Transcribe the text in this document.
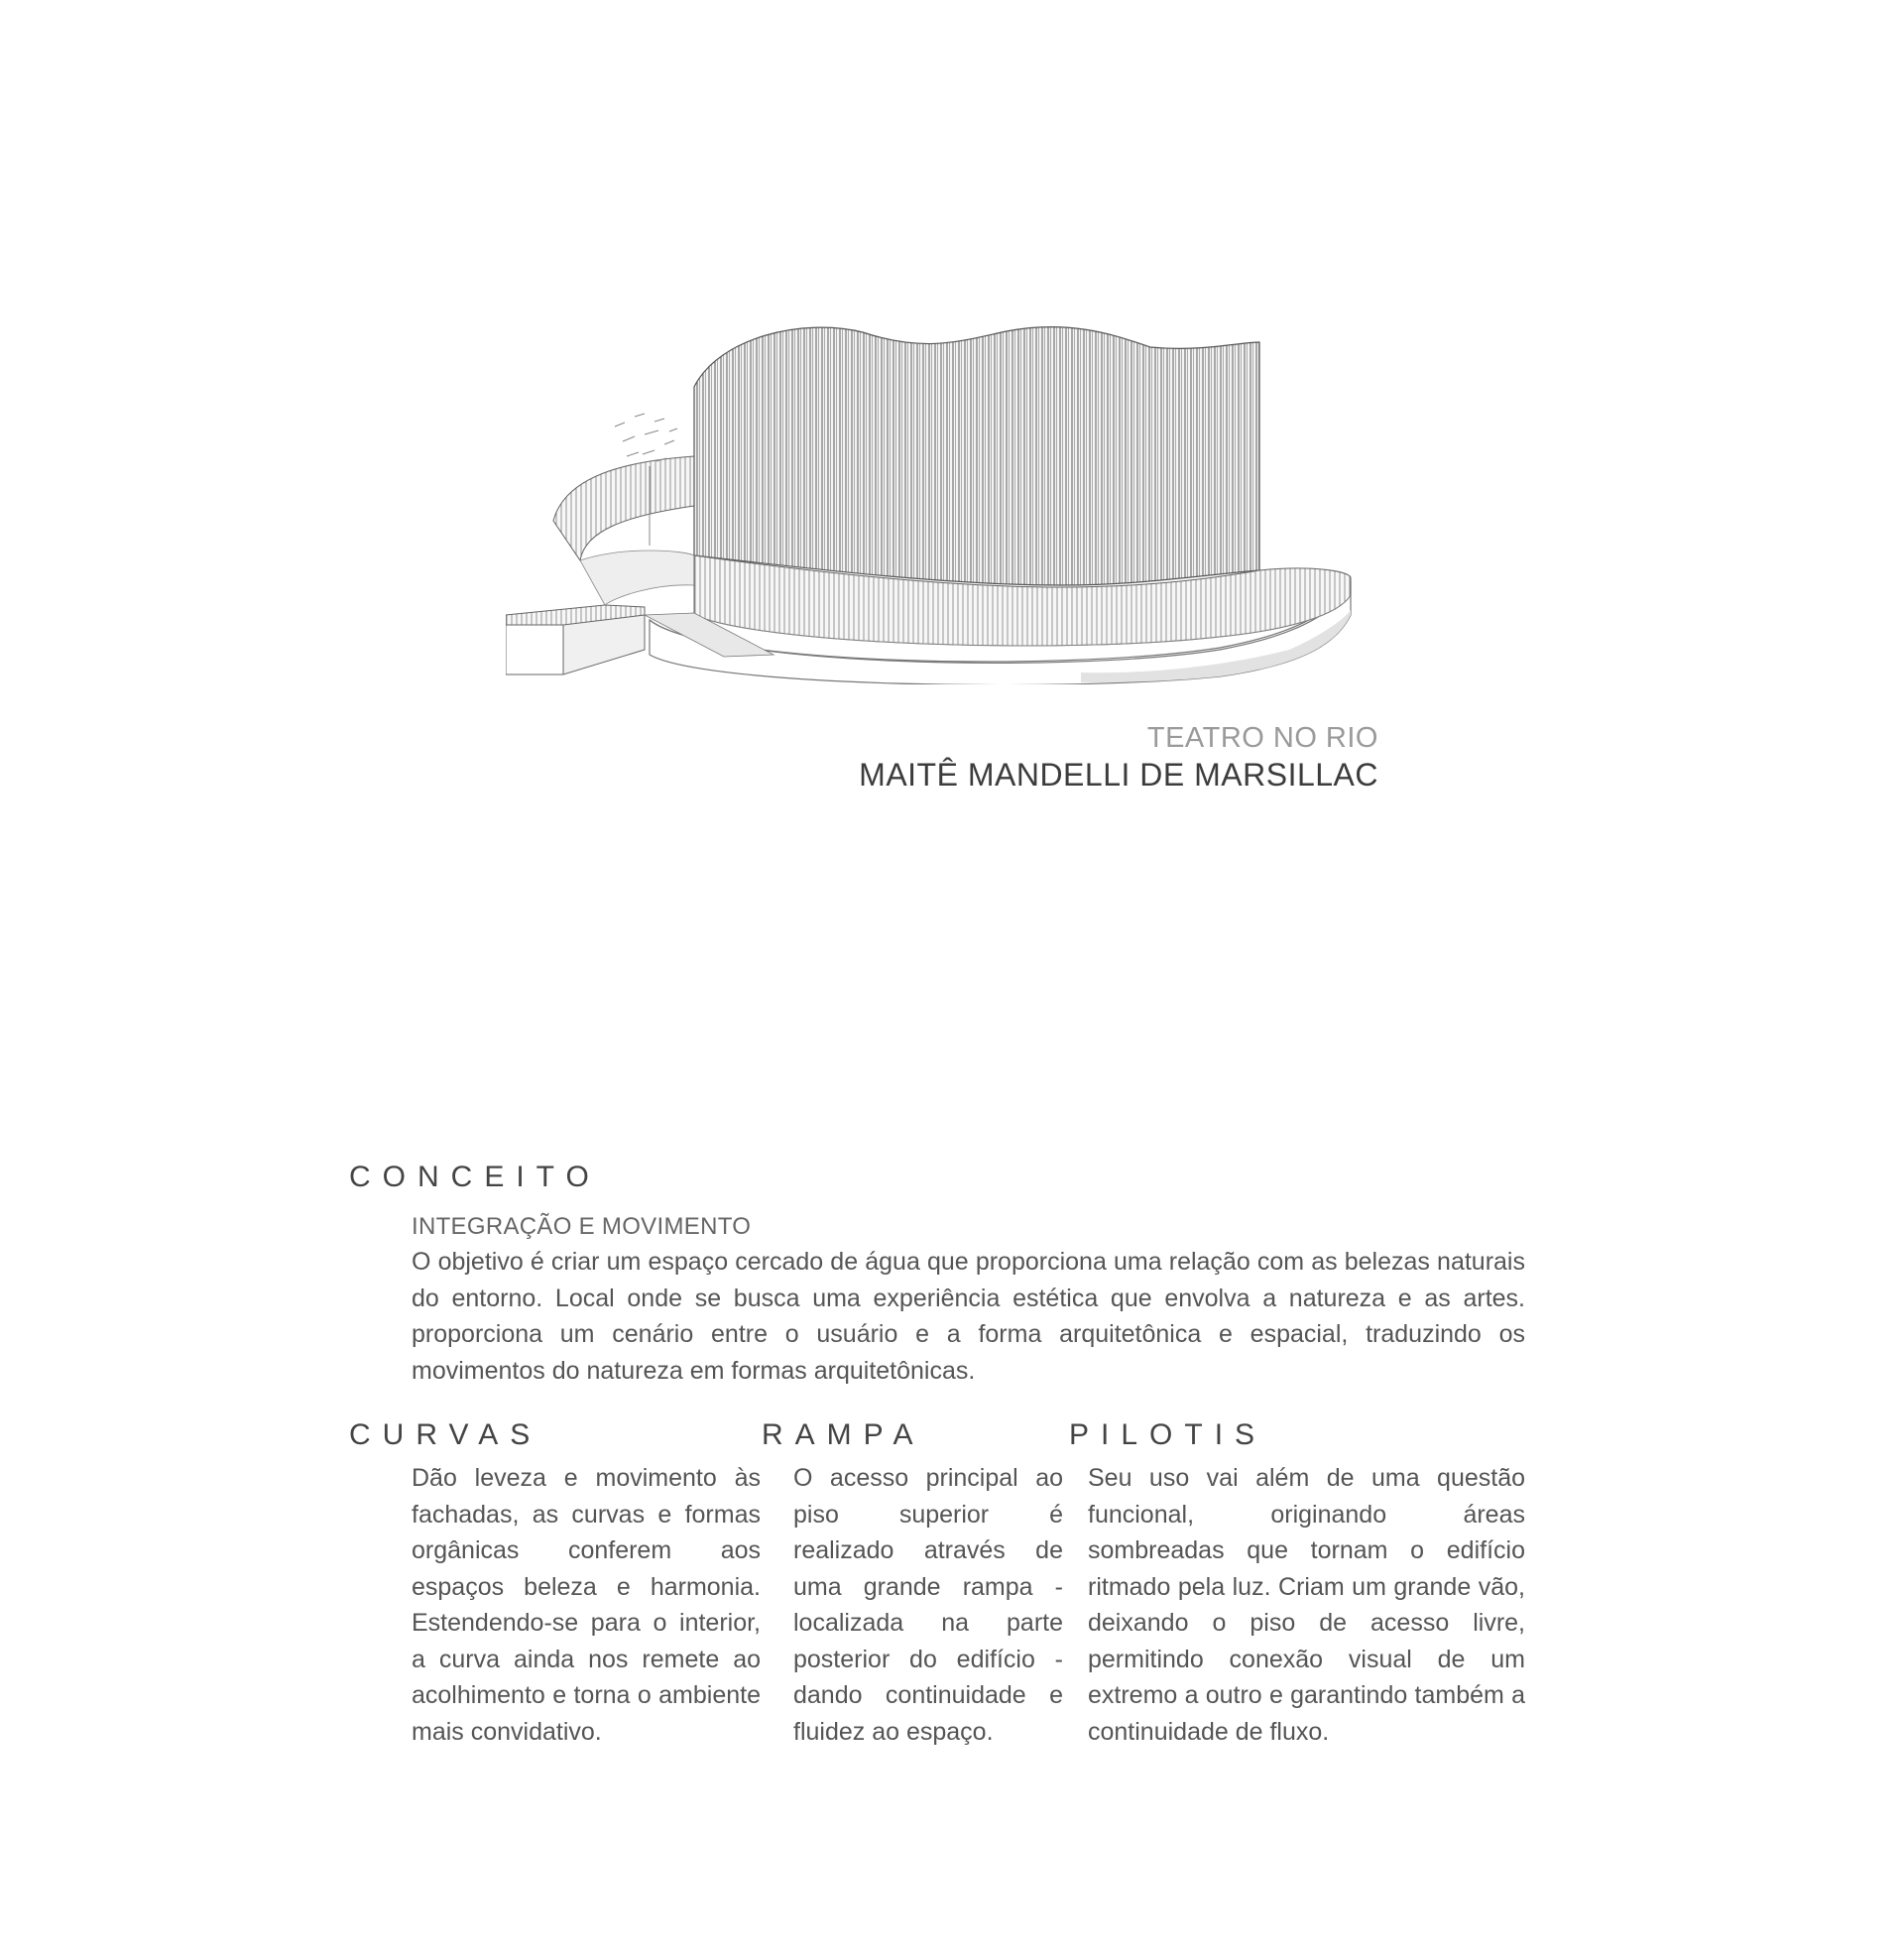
TEATRO NO RIO
MAITÊ MANDELLI DE MARSILLAC
CONCEITO
INTEGRAÇÃO E MOVIMENTO

O objetivo é criar um espaço cercado de água que proporciona uma relação com as belezas naturais do entorno. Local onde se busca uma experiência estética que envolva a natureza e as artes. proporciona um cenário entre o usuário e a forma arquitetônica e espacial, traduzindo os movimentos do natureza em formas arquitetônicas.

CURVAS	RAMPA	PILOTIS

Dão leveza e movimento às fachadas, as curvas e formas orgânicas conferem aos espaços beleza e harmonia. Estendendo-se para o interior, a curva ainda nos remete ao acolhimento e torna o ambiente mais convidativo.

O acesso principal ao piso superior é realizado através de uma grande rampa - localizada na parte posterior do edifício - dando continuidade e fluidez ao espaço.

Seu uso vai além de uma questão funcional, originando áreas sombreadas que tornam o edifício ritmado pela luz. Criam um grande vão, deixando o piso de acesso livre, permitindo conexão visual de um extremo a outro e garantindo também a continuidade de fluxo.
